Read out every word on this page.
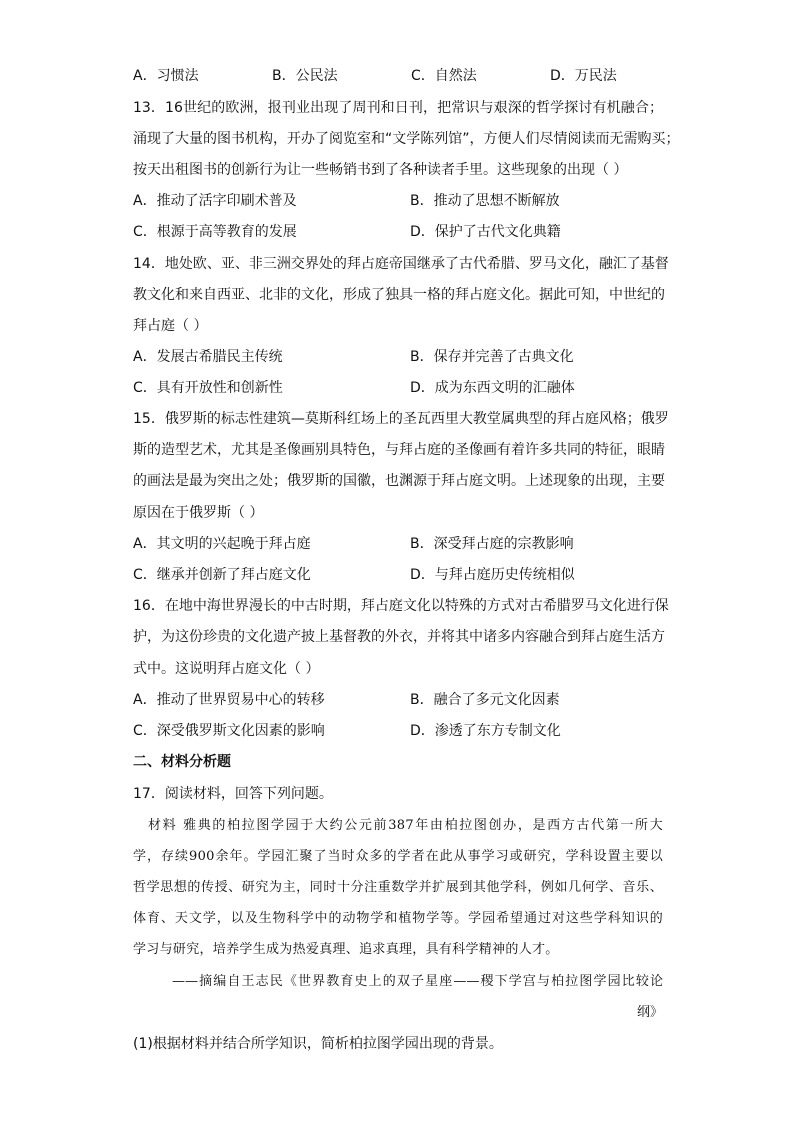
A．习惯法	B．公民法	C．自然法	D．万民法
13．16世纪的欧洲，报刊业出现了周刊和日刊，把常识与艰深的哲学探讨有机融合；
涌现了大量的图书机构，开办了阅览室和“文学陈列馆”，方便人们尽情阅读而无需购买；
按天出租图书的创新行为让一些畅销书到了各种读者手里。这些现象的出现（ ）
A．推动了活字印刷术普及	B．推动了思想不断解放
C．根源于高等教育的发展	D．保护了古代文化典籍
14．地处欧、亚、非三洲交界处的拜占庭帝国继承了古代希腊、罗马文化，融汇了基督
教文化和来自西亚、北非的文化，形成了独具一格的拜占庭文化。据此可知，中世纪的
拜占庭（ ）
A．发展古希腊民主传统	B．保存并完善了古典文化
C．具有开放性和创新性	D．成为东西文明的汇融体
15．俄罗斯的标志性建筑—莫斯科红场上的圣瓦西里大教堂属典型的拜占庭风格；俄罗
斯的造型艺术，尤其是圣像画别具特色，与拜占庭的圣像画有着许多共同的特征，眼睛
的画法是最为突出之处；俄罗斯的国徽，也渊源于拜占庭文明。上述现象的出现，主要
原因在于俄罗斯（ ）
A．其文明的兴起晚于拜占庭	B．深受拜占庭的宗教影响
C．继承并创新了拜占庭文化	D．与拜占庭历史传统相似
16．在地中海世界漫长的中古时期，拜占庭文化以特殊的方式对古希腊罗马文化进行保
护，为这份珍贵的文化遗产披上基督教的外衣，并将其中诸多内容融合到拜占庭生活方
式中。这说明拜占庭文化（ ）
A．推动了世界贸易中心的转移	B．融合了多元文化因素
C．深受俄罗斯文化因素的影响	D．渗透了东方专制文化
二、材料分析题
17．阅读材料，回答下列问题。
材料 雅典的柏拉图学园于大约公元前387年由柏拉图创办，是西方古代第一所大
学，存续900余年。学园汇聚了当时众多的学者在此从事学习或研究，学科设置主要以
哲学思想的传授、研究为主，同时十分注重数学并扩展到其他学科，例如几何学、音乐、
体育、天文学，以及生物科学中的动物学和植物学等。学园希望通过对这些学科知识的
学习与研究，培养学生成为热爱真理、追求真理，具有科学精神的人才。
——摘编自王志民《世界教育史上的双子星座——稷下学宫与柏拉图学园比较论
纲》
(1)根据材料并结合所学知识，简析柏拉图学园出现的背景。
